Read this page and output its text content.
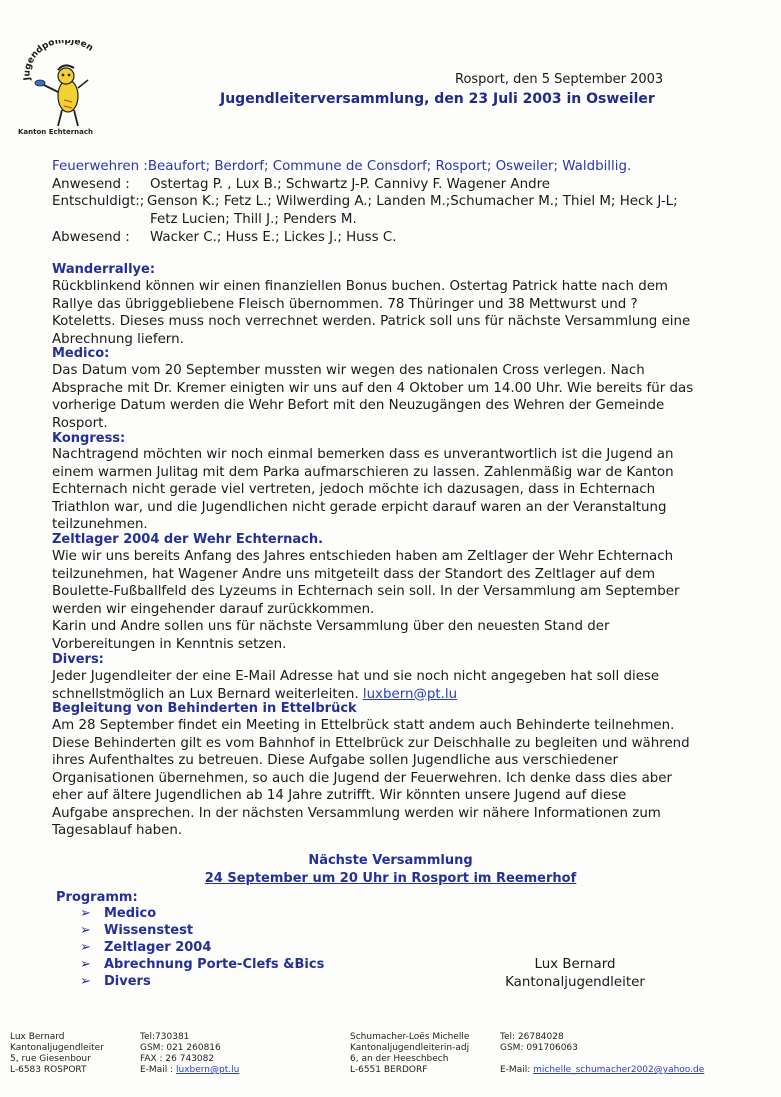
Jugendpompjeen
Kanton Echternach
Rosport, den 5 September 2003
Jugendleiterversammlung, den 23 Juli 2003 in Osweiler
Feuerwehren :Beaufort; Berdorf; Commune de Consdorf; Rosport; Osweiler; Waldbillig.
Anwesend : Ostertag P. , Lux B.; Schwartz J-P. Cannivy F. Wagener Andre
Entschuldigt:; Genson K.; Fetz L.; Wilwerding A.; Landen M.;Schumacher M.; Thiel M; Heck J-L;
Fetz Lucien; Thill J.; Penders M.
Abwesend : Wacker C.; Huss E.; Lickes J.; Huss C.
Wanderrallye:

Rückblinkend können wir einen finanziellen Bonus buchen. Ostertag Patrick hatte nach dem

Rallye das übriggebliebene Fleisch übernommen. 78 Thüringer und 38 Mettwurst und ?

Koteletts. Dieses muss noch verrechnet werden. Patrick soll uns für nächste Versammlung eine

Abrechnung liefern.

Medico:

Das Datum vom 20 September mussten wir wegen des nationalen Cross verlegen. Nach

Absprache mit Dr. Kremer einigten wir uns auf den 4 Oktober um 14.00 Uhr. Wie bereits für das

vorherige Datum werden die Wehr Befort mit den Neuzugängen des Wehren der Gemeinde

Rosport.

Kongress:

Nachtragend möchten wir noch einmal bemerken dass es unverantwortlich ist die Jugend an

einem warmen Julitag mit dem Parka aufmarschieren zu lassen. Zahlenmäßig war de Kanton

Echternach nicht gerade viel vertreten, jedoch möchte ich dazusagen, dass in Echternach

Triathlon war, und die Jugendlichen nicht gerade erpicht darauf waren an der Veranstaltung

teilzunehmen.

Zeltlager 2004 der Wehr Echternach.

Wie wir uns bereits Anfang des Jahres entschieden haben am Zeltlager der Wehr Echternach

teilzunehmen, hat Wagener Andre uns mitgeteilt dass der Standort des Zeltlager auf dem

Boulette-Fußballfeld des Lyzeums in Echternach sein soll. In der Versammlung am September

werden wir eingehender darauf zurückkommen.

Karin und Andre sollen uns für nächste Versammlung über den neuesten Stand der

Vorbereitungen in Kenntnis setzen.

Divers:

Jeder Jugendleiter der eine E-Mail Adresse hat und sie noch nicht angegeben hat soll diese

schnellstmöglich an Lux Bernard weiterleiten. luxbern@pt.lu

Begleitung von Behinderten in Ettelbrück

Am 28 September findet ein Meeting in Ettelbrück statt andem auch Behinderte teilnehmen.

Diese Behinderten gilt es vom Bahnhof in Ettelbrück zur Deischhalle zu begleiten und während

ihres Aufenthaltes zu betreuen. Diese Aufgabe sollen Jugendliche aus verschiedener

Organisationen übernehmen, so auch die Jugend der Feuerwehren. Ich denke dass dies aber

eher auf ältere Jugendlichen ab 14 Jahre zutrifft. Wir könnten unsere Jugend auf diese

Aufgabe ansprechen. In der nächsten Versammlung werden wir nähere Informationen zum

Tagesablauf haben.

Nächste Versammlung
24 September um 20 Uhr in Rosport im Reemerhof
Programm:
➢ Medico
➢ Wissenstest
➢ Zeltlager 2004
➢ Abrechnung Porte-Clefs &Bics
➢ Divers
Lux Bernard
Kantonaljugendleiter
Lux Bernard
Kantonaljugendleiter
5, rue Giesenbour
L-6583 ROSPORT
Tel:730381
GSM: 021 260816
FAX : 26 743082
E-Mail : luxbern@pt.lu
Schumacher-Loës Michelle
Kantonaljugendleiterin-adj
6, an der Heeschbech
L-6551 BERDORF
Tel: 26784028
GSM: 091706063

E-Mail: michelle_schumacher2002@yahoo.de
